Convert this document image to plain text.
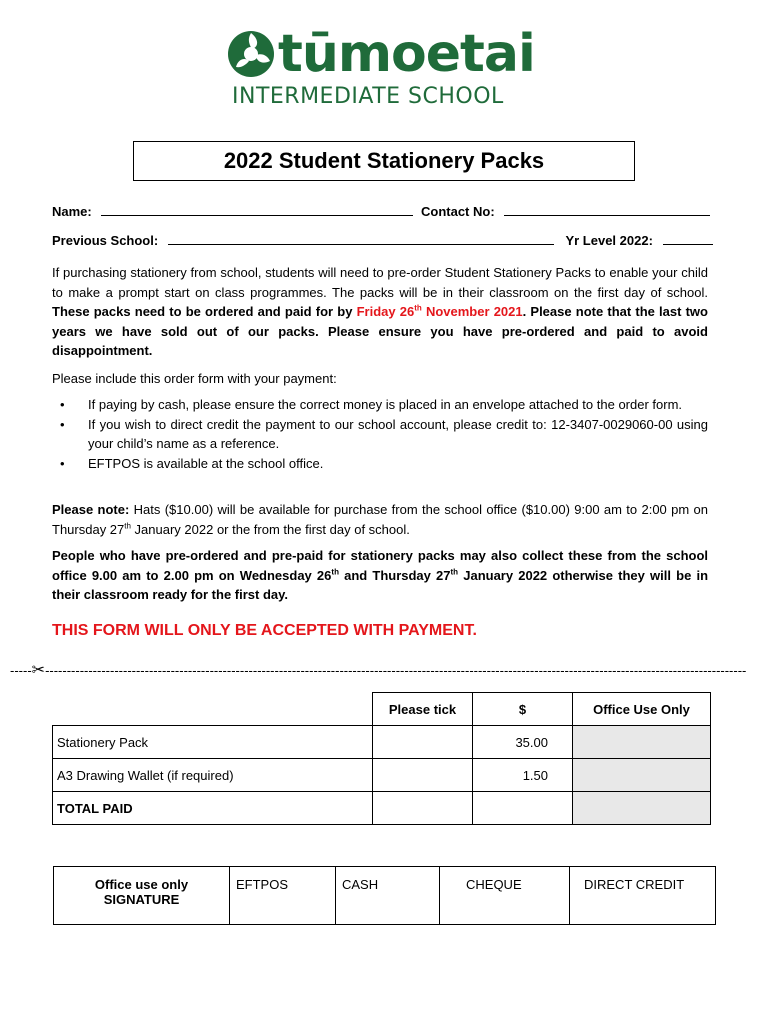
tūmoetai
INTERMEDIATE SCHOOL
2022 Student Stationery Packs
Name:	Contact No:
Previous School:	Yr Level 2022:
If purchasing stationery from school, students will need to pre-order Student Stationery Packs to enable your child to make a prompt start on class programmes. The packs will be in their classroom on the first day of school. These packs need to be ordered and paid for by Friday 26th November 2021. Please note that the last two years we have sold out of our packs. Please ensure you have pre-ordered and paid to avoid disappointment.
Please include this order form with your payment:
• If paying by cash, please ensure the correct money is placed in an envelope attached to the order form.
• If you wish to direct credit the payment to our school account, please credit to: 12-3407-0029060-00 using your child’s name as a reference.
• EFTPOS is available at the school office.
Please note: Hats ($10.00) will be available for purchase from the school office ($10.00) 9:00 am to 2:00 pm on Thursday 27th January 2022 or the from the first day of school.
People who have pre-ordered and pre-paid for stationery packs may also collect these from the school office 9.00 am to 2.00 pm on Wednesday 26th and Thursday 27th January 2022 otherwise they will be in their classroom ready for the first day.
THIS FORM WILL ONLY BE ACCEPTED WITH PAYMENT.
-----✂------------------------------------------------------------------------------------------------------------------------------------------------------------------
	Please tick	$	Office Use Only
Stationery Pack		35.00	
A3 Drawing Wallet (if required)		1.50	
TOTAL PAID			
Office use only
SIGNATURE
	EFTPOS	CASH	CHEQUE	DIRECT CREDIT
